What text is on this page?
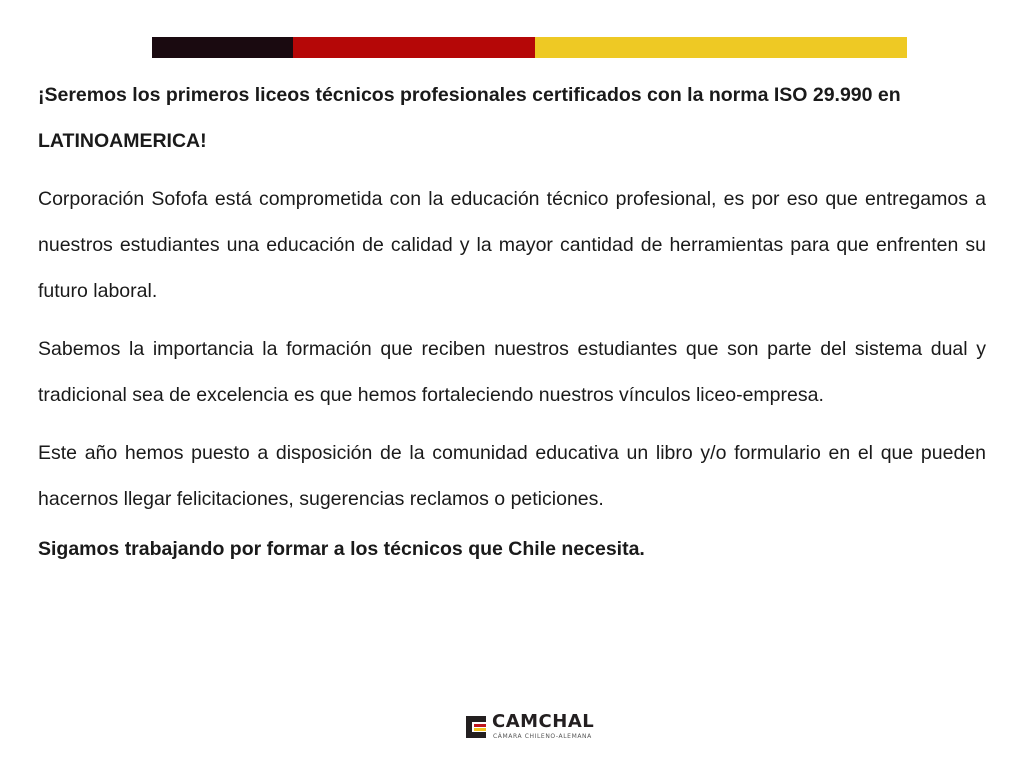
¡Seremos los primeros liceos técnicos profesionales certificados con la norma ISO 29.990 en LATINOAMERICA!

Corporación Sofofa está comprometida con la educación técnico profesional, es por eso que entregamos a nuestros estudiantes una educación de calidad y la mayor cantidad de herramientas para que enfrenten su futuro laboral.

Sabemos la importancia la formación que reciben nuestros estudiantes que son parte del sistema dual y tradicional sea de excelencia es que hemos fortaleciendo nuestros vínculos liceo-empresa.

Este año hemos puesto a disposición de la comunidad educativa un libro y/o formulario en el que pueden hacernos llegar felicitaciones, sugerencias reclamos o peticiones.

Sigamos trabajando por formar a los técnicos que Chile necesita.

CAMCHAL
CÁMARA CHILENO-ALEMANA
